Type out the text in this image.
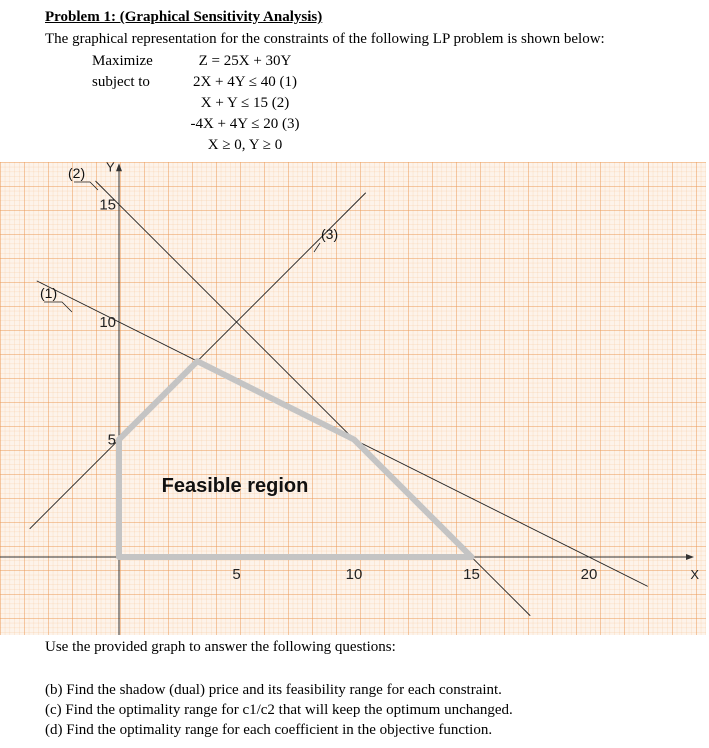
Problem 1: (Graphical Sensitivity Analysis)
The graphical representation for the constraints of the following LP problem is shown below:
Maximize	Z = 25X + 30Y
subject to	2X + 4Y ≤ 40 (1)
X + Y ≤ 15 (2)
-4X + 4Y ≤ 20 (3)
X ≥ 0, Y ≥ 0
5	10	15	20
5
10
15
X
Y
Feasible region
(1)
(2)
(3)
Use the provided graph to answer the following questions:
(b) Find the shadow (dual) price and its feasibility range for each constraint.
(c) Find the optimality range for c1/c2 that will keep the optimum unchanged.
(d) Find the optimality range for each coefficient in the objective function.
